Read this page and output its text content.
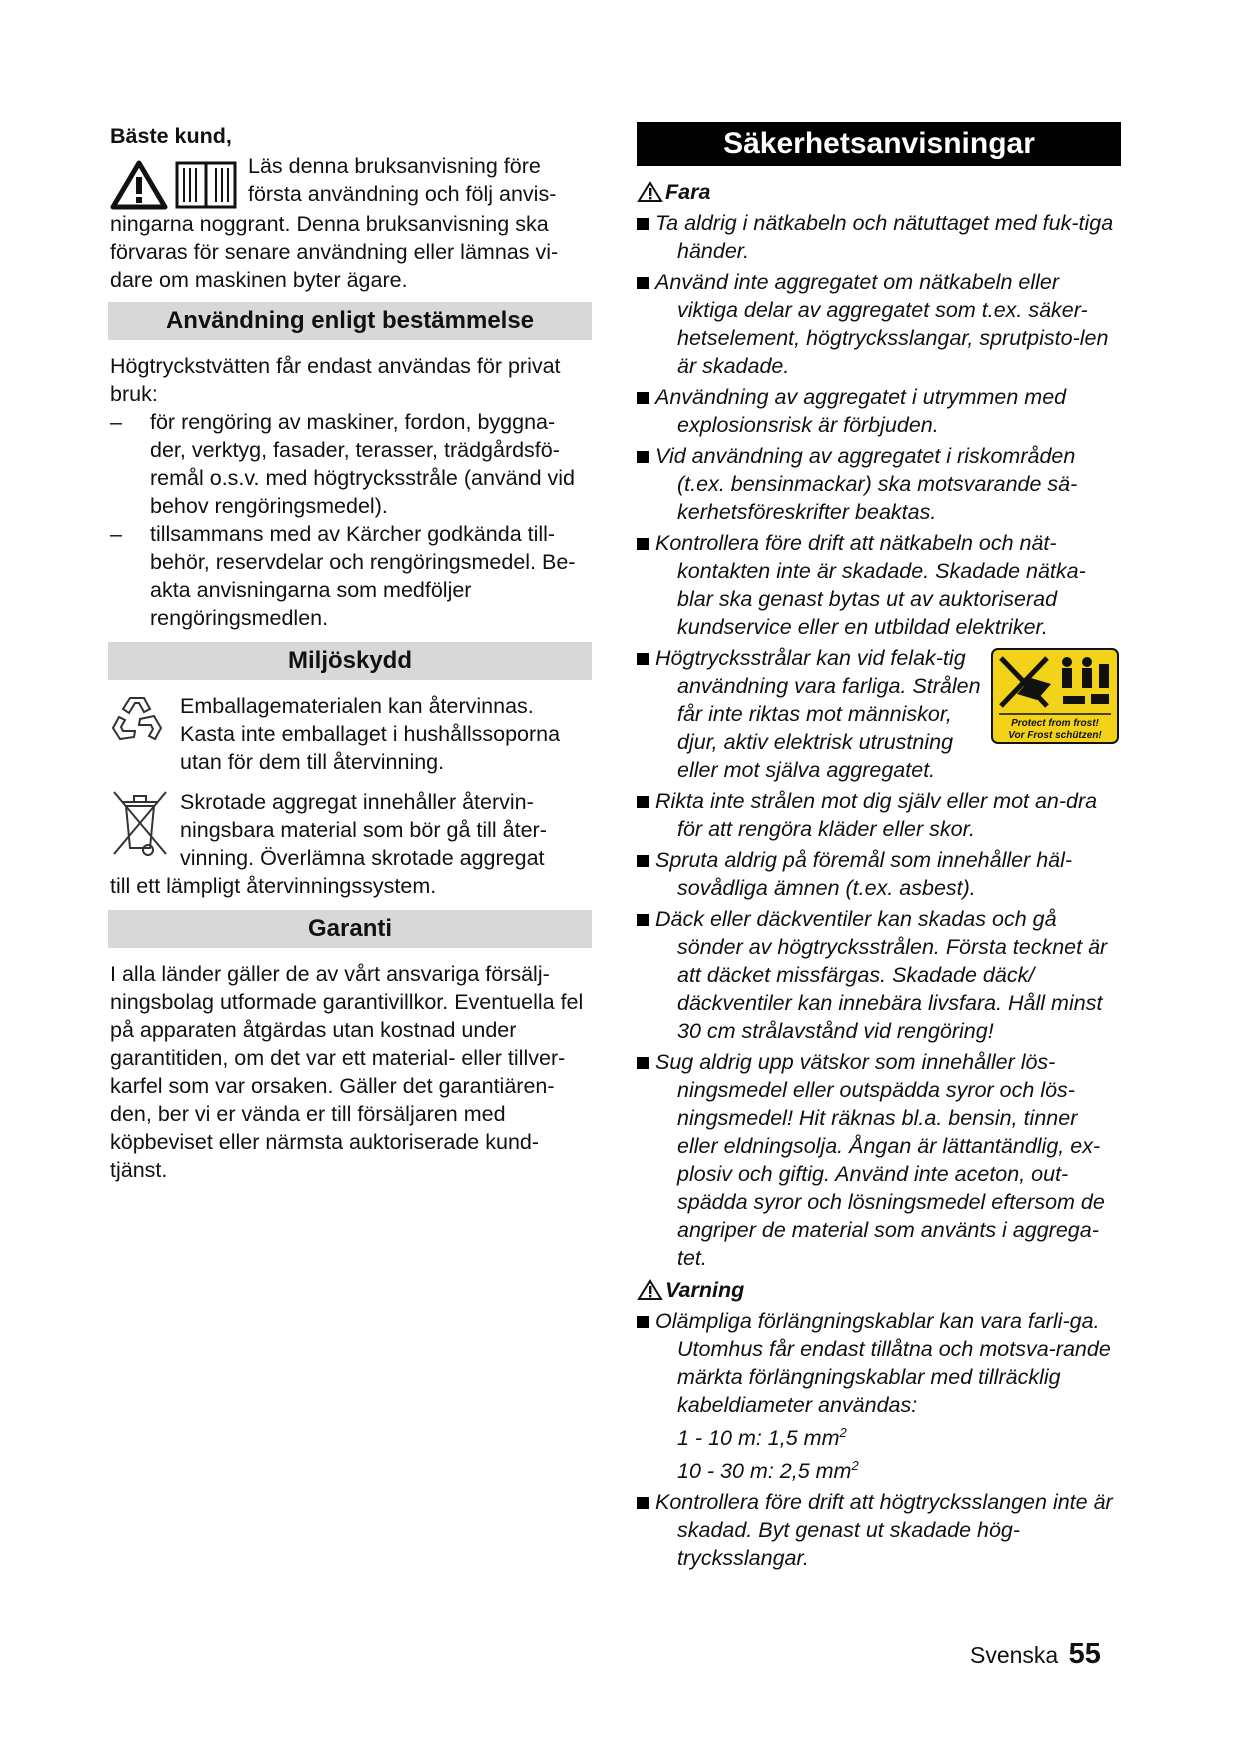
Bäste kund,

Läs denna bruksanvisning före

första användning och följ anvis-

ningarna noggrant. Denna bruksanvisning ska förvaras för senare användning eller lämnas vi-dare om maskinen byter ägare.

Användning enligt bestämmelse

Högtryckstvätten får endast användas för privat bruk:

–	för rengöring av maskiner, fordon, byggna-der, verktyg, fasader, terasser, trädgårdsfö-remål o.s.v. med högtrycksstråle (använd vid behov rengöringsmedel).
–	tillsammans med av Kärcher godkända till-behör, reservdelar och rengöringsmedel. Be-akta anvisningarna som medföljer rengöringsmedlen.
Miljöskydd
Emballagematerialen kan återvinnas. Kasta inte emballaget i hushållssoporna utan för dem till återvinning.
Skrotade aggregat innehåller återvin-ningsbara material som bör gå till åter-vinning. Överlämna skrotade aggregat

till ett lämpligt återvinningssystem.

Garanti

I alla länder gäller de av vårt ansvariga försälj-ningsbolag utformade garantivillkor. Eventuella fel på apparaten åtgärdas utan kostnad under garantitiden, om det var ett material- eller tillver-karfel som var orsaken. Gäller det garantiären-den, ber vi er vända er till försäljaren med köpbeviset eller närmsta auktoriserade kund-tjänst.

Säkerhetsanvisningar
Fara

Ta aldrig i nätkabeln och nätuttaget med fuk-tiga händer.

Använd inte aggregatet om nätkabeln eller viktiga delar av aggregatet som t.ex. säker-hetselement, högtrycksslangar, sprutpisto-len är skadade.

Användning av aggregatet i utrymmen med explosionsrisk är förbjuden.

Vid användning av aggregatet i riskområden (t.ex. bensinmackar) ska motsvarande sä-kerhetsföreskrifter beaktas.

Kontrollera före drift att nätkabeln och nät-kontakten inte är skadade. Skadade nätka-blar ska genast bytas ut av auktoriserad kundservice eller en utbildad elektriker.

Protect from frost!
Vor Frost schützen!
Högtrycksstrålar kan vid felak-tig användning vara farliga. Strålen får inte riktas mot människor, djur, aktiv elektrisk utrustning eller mot själva aggregatet.

Rikta inte strålen mot dig själv eller mot an-dra för att rengöra kläder eller skor.

Spruta aldrig på föremål som innehåller häl-sovådliga ämnen (t.ex. asbest).

Däck eller däckventiler kan skadas och gå sönder av högtrycksstrålen. Första tecknet är att däcket missfärgas. Skadade däck/ däckventiler kan innebära livsfara. Håll minst 30 cm strålavstånd vid rengöring!

Sug aldrig upp vätskor som innehåller lös-ningsmedel eller outspädda syror och lös-ningsmedel! Hit räknas bl.a. bensin, tinner eller eldningsolja. Ångan är lättantändlig, ex-plosiv och giftig. Använd inte aceton, out-spädda syror och lösningsmedel eftersom de angriper de material som använts i aggrega-tet.

Varning

Olämpliga förlängningskablar kan vara farli-ga. Utomhus får endast tillåtna och motsva-rande märkta förlängningskablar med tillräcklig kabeldiameter användas:

1 - 10 m: 1,5 $mm^2$

10 - 30 m: 2,5 $mm^2$

Kontrollera före drift att högtrycksslangen inte är skadad. Byt genast ut skadade hög-trycksslangar.

Svenska 55
